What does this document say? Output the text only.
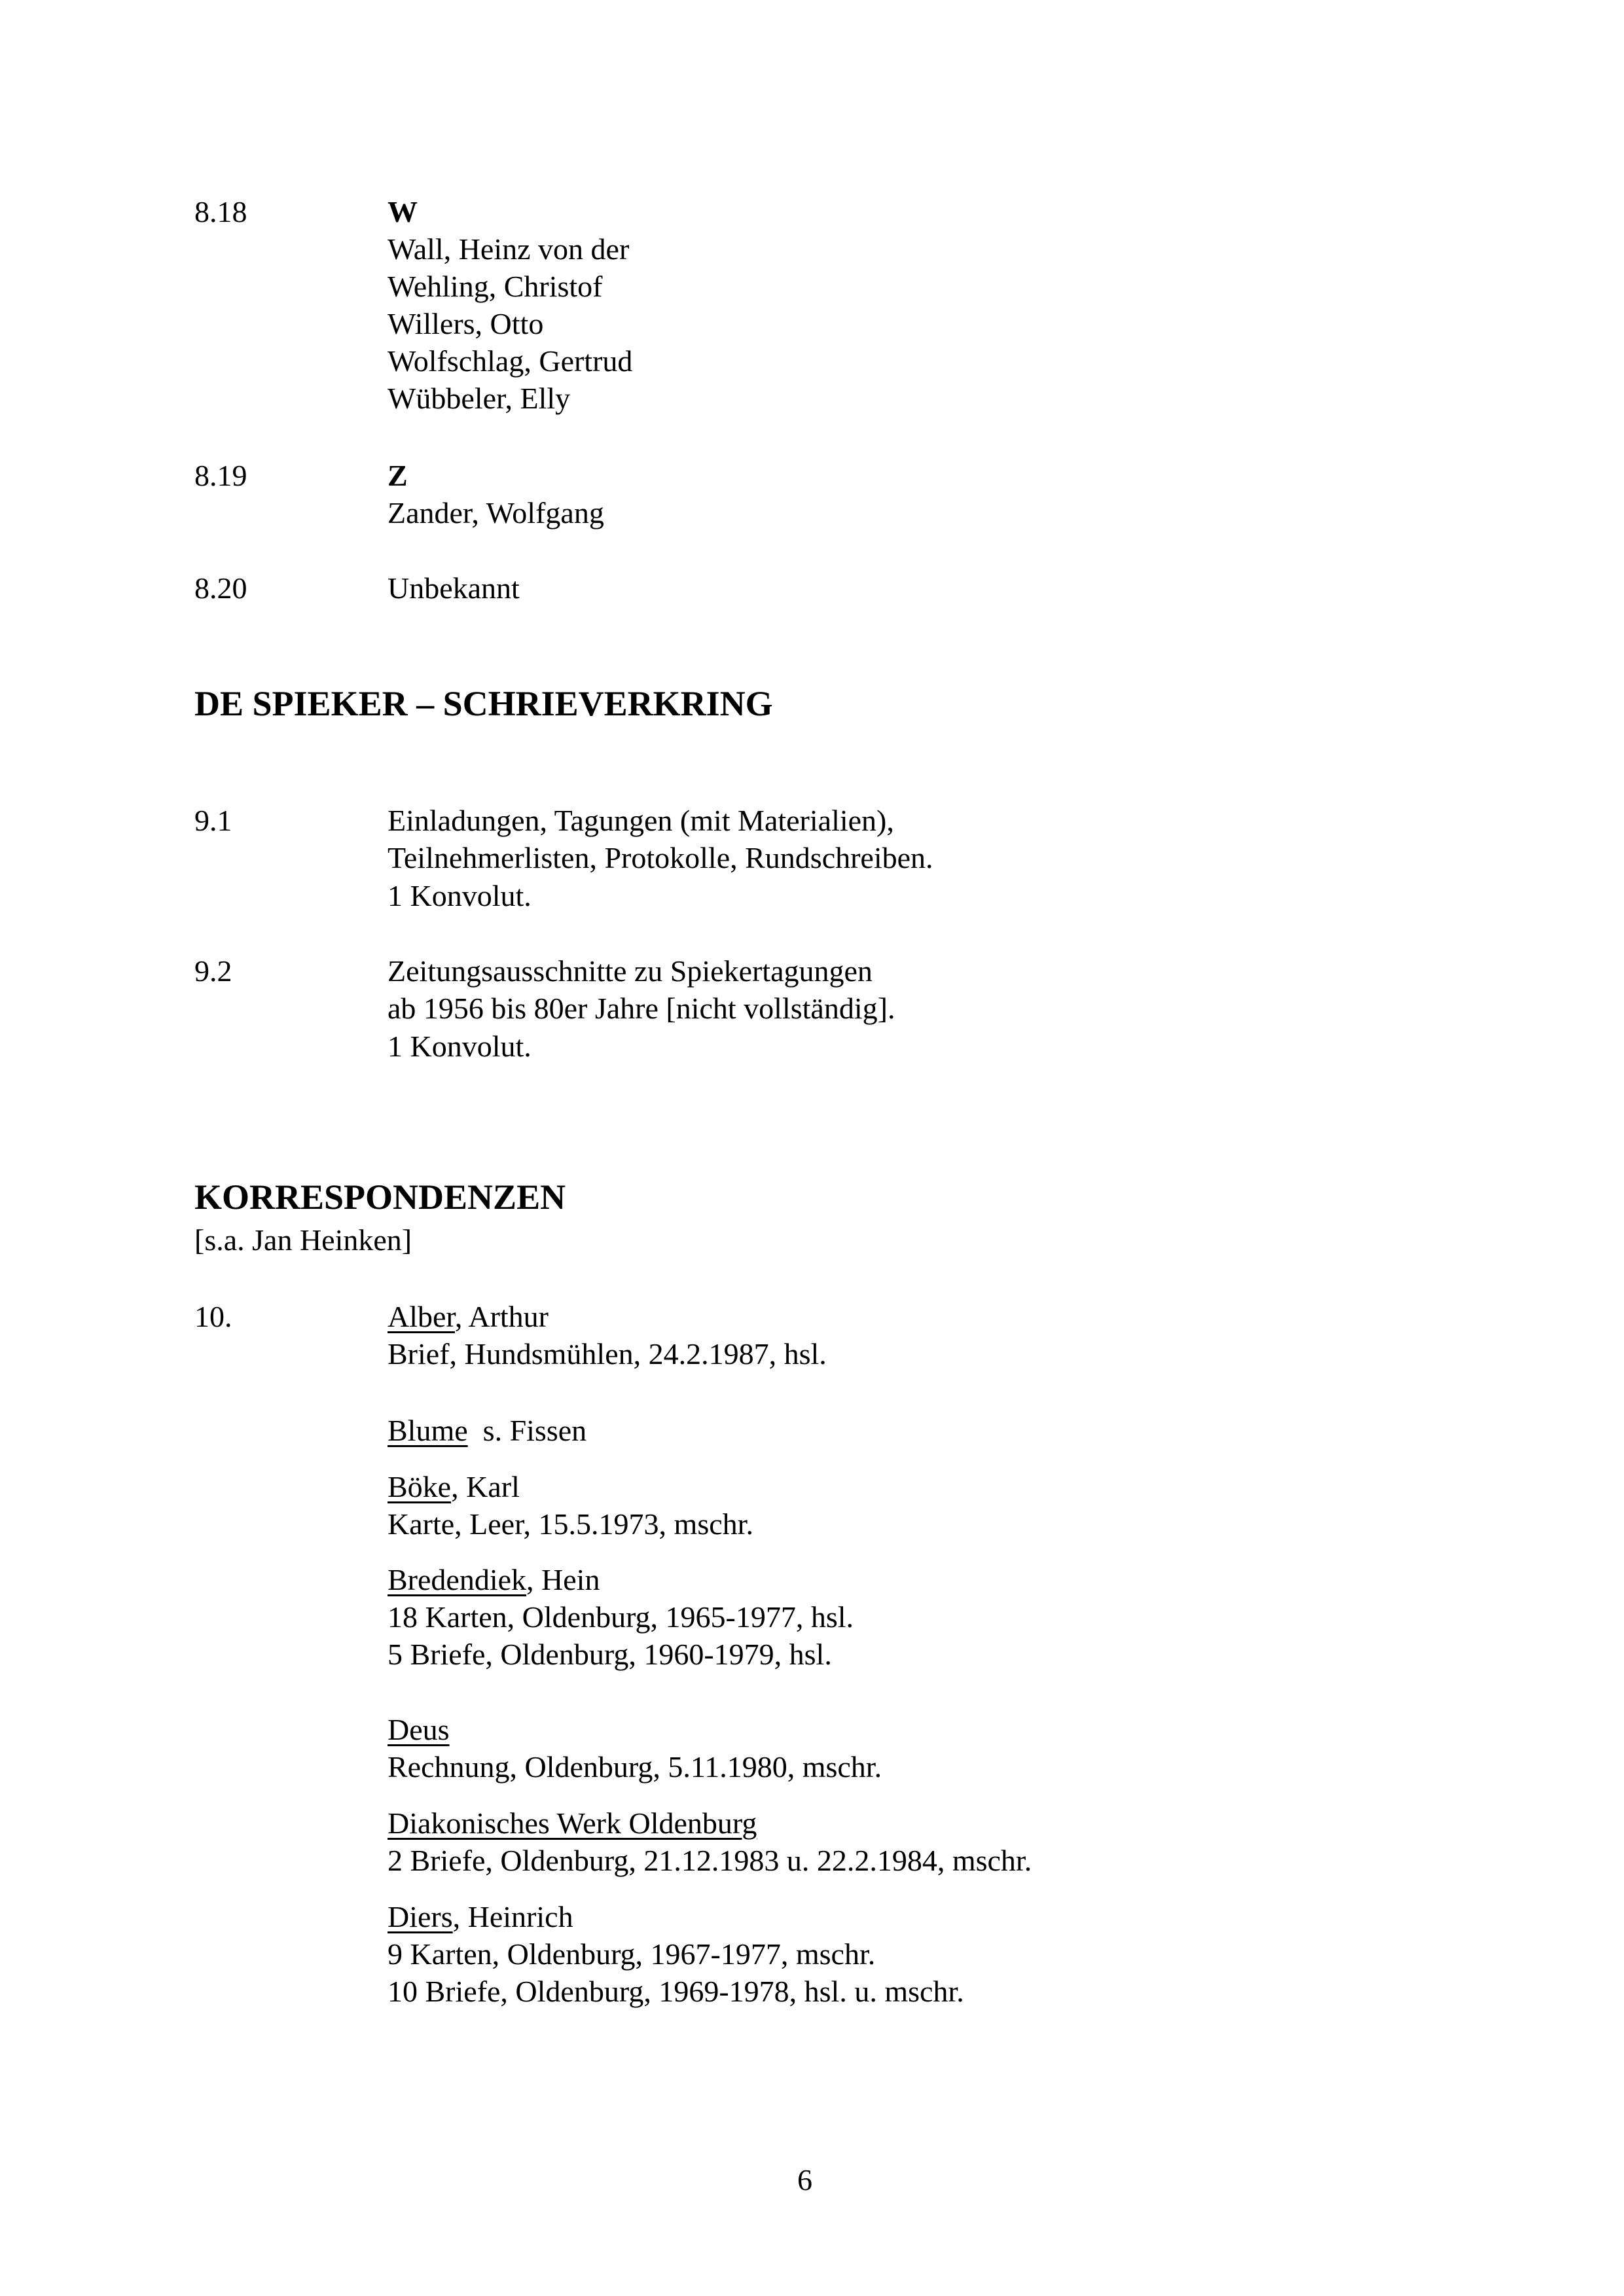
8.18	W
Wall, Heinz von der
Wehling, Christof
Willers, Otto
Wolfschlag, Gertrud
Wübbeler, Elly
8.19	Z
Zander, Wolfgang
8.20	Unbekannt
DE SPIEKER – SCHRIEVERKRING
9.1	Einladungen, Tagungen (mit Materialien),
Teilnehmerlisten, Protokolle, Rundschreiben.
1 Konvolut.
9.2	Zeitungsausschnitte zu Spiekertagungen
ab 1956 bis 80er Jahre [nicht vollständig].
1 Konvolut.
KORRESPONDENZEN
[s.a. Jan Heinken]
10.	Alber, Arthur
Brief, Hundsmühlen, 24.2.1987, hsl.
Blume  s. Fissen
Böke, Karl
Karte, Leer, 15.5.1973, mschr.
Bredendiek, Hein
18 Karten, Oldenburg, 1965-1977, hsl.
5 Briefe, Oldenburg, 1960-1979, hsl.
Deus
Rechnung, Oldenburg, 5.11.1980, mschr.
Diakonisches Werk Oldenburg
2 Briefe, Oldenburg, 21.12.1983 u. 22.2.1984, mschr.
Diers, Heinrich
9 Karten, Oldenburg, 1967-1977, mschr.
10 Briefe, Oldenburg, 1969-1978, hsl. u. mschr.
6
